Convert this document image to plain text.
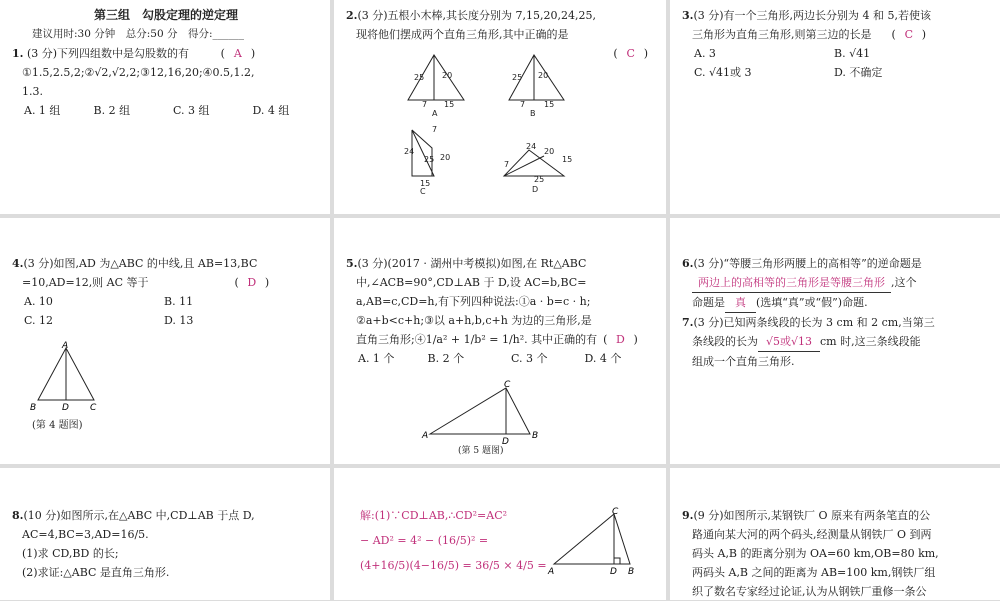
第三组　勾股定理的逆定理
建议用时:30 分钟　总分:50 分　得分:______
1. (3 分)下列四组数中是勾股数的有	( A )
①1.5,2.5,2;②√2,√2,2;③12,16,20;④0.5,1.2,
1.3.
A. 1 组	B. 2 组	C. 3 组	D. 4 组
2.(3 分)五根小木棒,其长度分别为 7,15,20,24,25,
现将他们摆成两个直角三角形,其中正确的是
( C )
25 20
7 15
25 20
7 15
7
24
25 20
15
24
20
15
7
25
A	B
C	D
3.(3 分)有一个三角形,两边长分别为 4 和 5,若使该
三角形为直角三角形,则第三边的长是 ( C )
A. 3	B. √41
C. √41或 3	D. 不确定
4.(3 分)如图,AD 为△ABC 的中线,且 AB=13,BC
=10,AD=12,则 AC 等于	( D )
A. 10	B. 11
C. 12	D. 13
A
B	D C
(第 4 题图)
5.(3 分)(2017 · 湖州中考模拟)如图,在 Rt△ABC
中,∠ACB=90°,CD⊥AB 于 D,设 AC=b,BC=
a,AB=c,CD=h,有下列四种说法:①a · b=c · h;
②a+b<c+h;③以 a+h,b,c+h 为边的三角形,是
直角三角形;④1/a² + 1/b² = 1/h². 其中正确的有 ( D )
A. 1 个	B. 2 个	C. 3 个	D. 4 个
C
A
D
B
(第 5 题图)
6.(3 分)“等腰三角形两腰上的高相等”的逆命题是
两边上的高相等的三角形是等腰三角形 ,这个
命题是 真 (选填“真”或“假”)命题.
7.(3 分)已知两条线段的长为 3 cm 和 2 cm,当第三
条线段的长为 √5或√13 cm 时,这三条线段能
组成一个直角三角形.
8.(10 分)如图所示,在△ABC 中,CD⊥AB 于点 D,
AC=4,BC=3,AD=16/5.
(1)求 CD,BD 的长;
(2)求证:△ABC 是直角三角形.
解:(1)∵CD⊥AB,∴CD²=AC²
− AD² = 4² − (16/5)² =
(4+16/5)(4−16/5) = 36/5 × 4/5 =
C
A	D B
9.(9 分)如图所示,某钢铁厂 O 原来有两条笔直的公
路通向某大河的两个码头,经测量从钢铁厂 O 到两
码头 A,B 的距离分别为 OA=60 km,OB=80 km,
两码头 A,B 之间的距离为 AB=100 km,钢铁厂组
织了数名专家经过论证,认为从钢铁厂重修一条公
